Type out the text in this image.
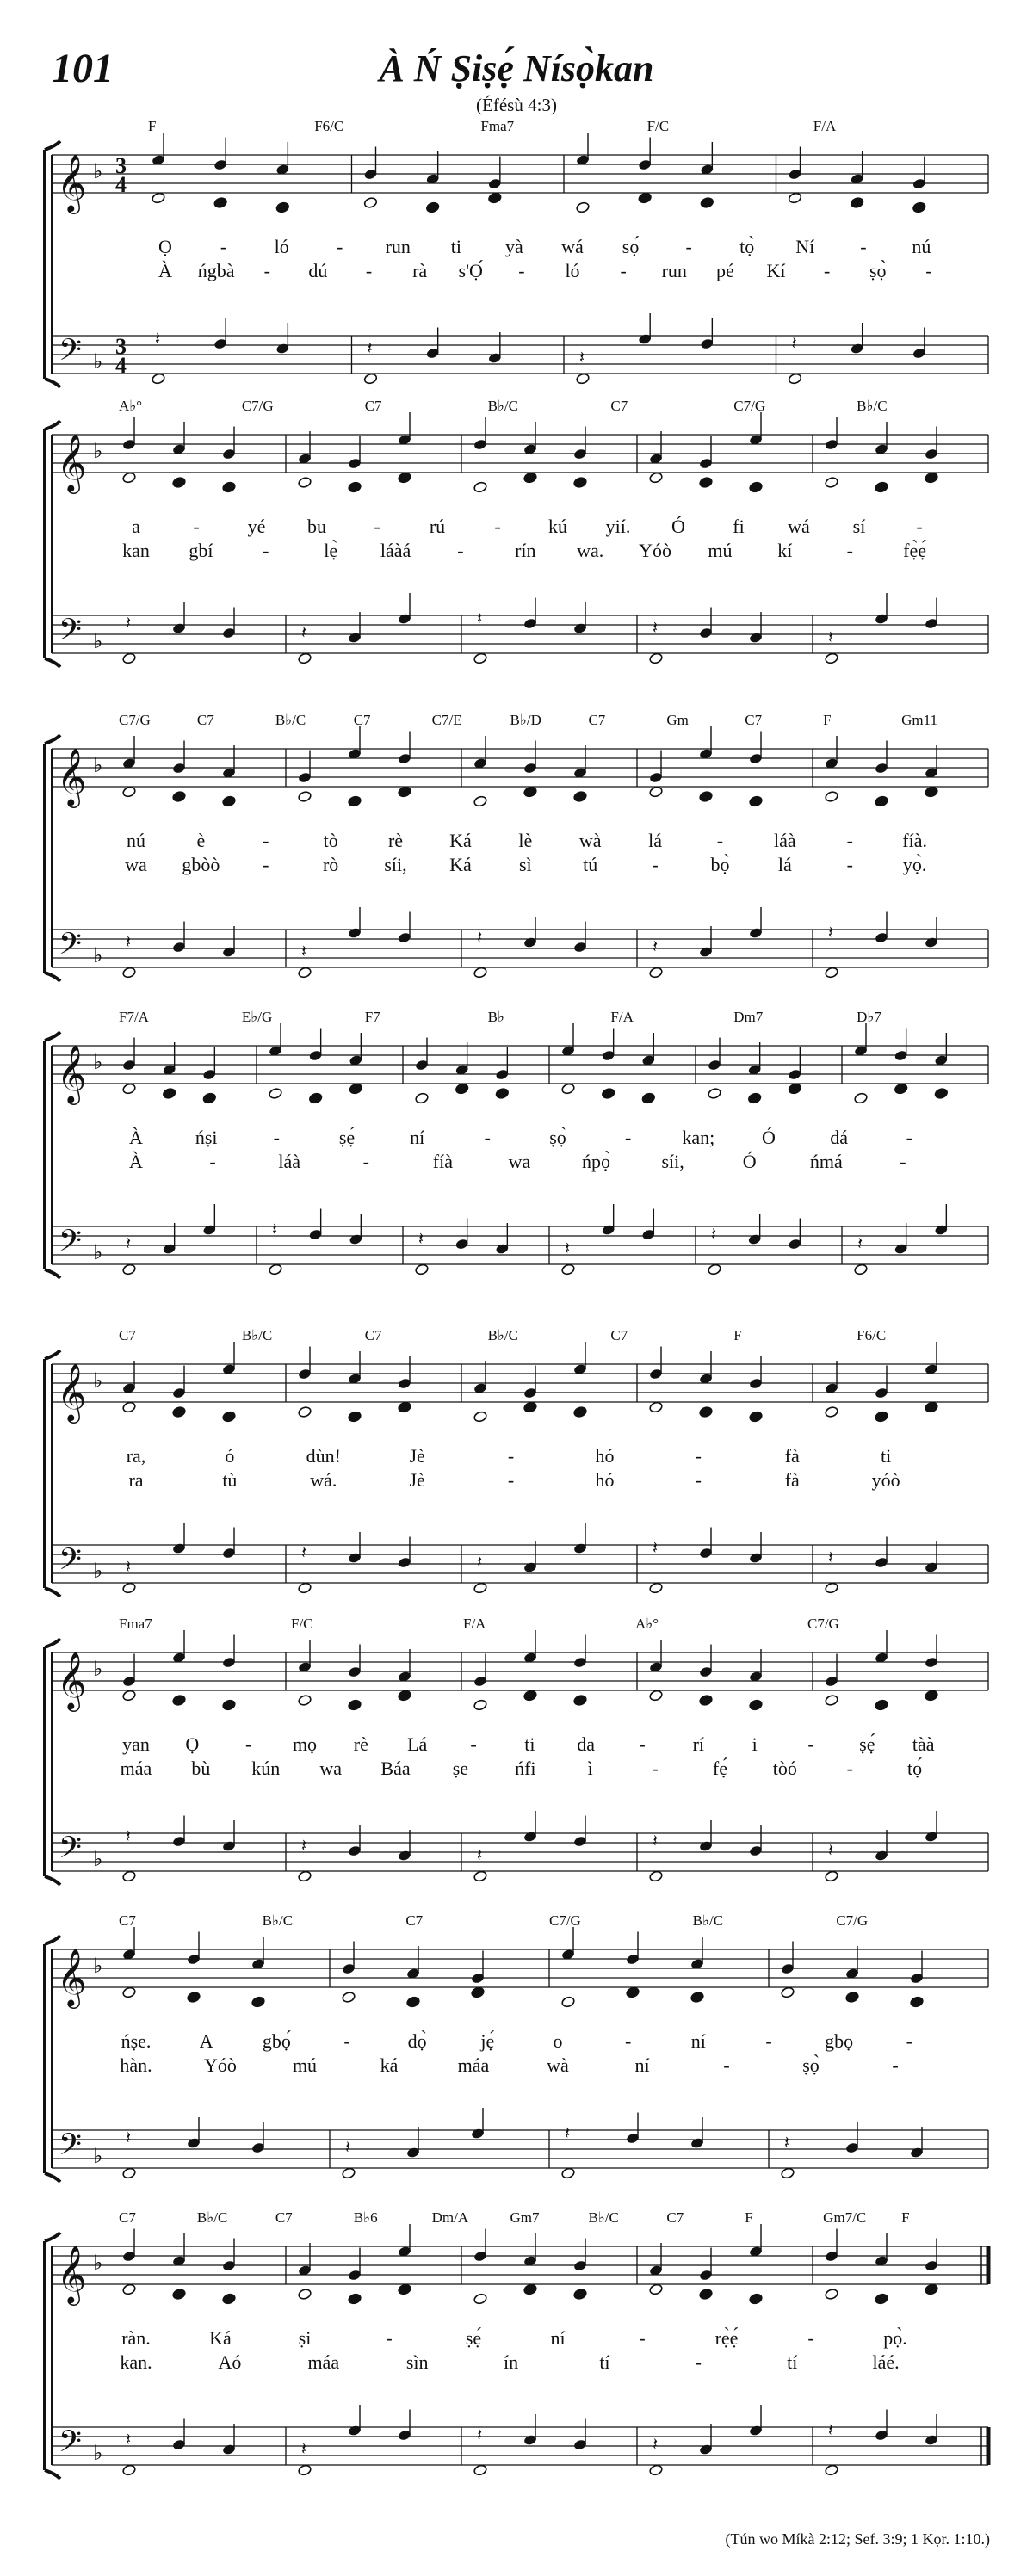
101	À Ń Ṣiṣẹ́ Nísọ̀kan
(Éfésù 4:3)
𝄞
𝄢
♭
♭
3
4
3
4
F	F6/C	Fma7	F/C	F/A
𝄽	𝄽	𝄽
𝄽
Ọ	-	ló	- run ti yà wá sọ́ -	tọ̀ Ní - nú
À ńgbà - dú - rà s'Ọ́ - ló - run pé Kí - ṣọ̀ -
𝄞
𝄢
♭
♭
A♭°	C7/G	C7	B♭/C	C7	C7/G	B♭/C
𝄽	𝄽
𝄽	𝄽	𝄽
a	-	yé bu	-	rú	-	kú yií. Ó	fi wá sí	-
kan gbí	-	lẹ̀ láàá -	rín wa. Yóò mú kí	-	fẹ̀ẹ́
𝄞
𝄢
♭
♭
C7/G	C7	B♭/C	C7	C7/E	B♭/D	C7	Gm	C7	F	Gm11
𝄽	𝄽
𝄽	𝄽
𝄽
nú	è	-	tò	rè Ká lè wà lá	-	láà	-	fíà.
wa gbòò -	rò síi, Ká	sì	tú	-	bọ̀	lá	-	yọ̀.
𝄞
𝄢
♭
♭
F7/A	E♭/G	F7	B♭	F/A	Dm7	D♭7
𝄽
𝄽	𝄽	𝄽
𝄽	𝄽
À	ńṣi	-	ṣẹ́	ní	-	ṣọ̀	-	kan; Ó	dá	-
À	-	láà	-	fíà	wa	ńpọ̀	síi,	Ó	ńmá	-
𝄞
𝄢
♭
♭
C7	B♭/C	C7	B♭/C	C7	F	F6/C
𝄽
𝄽	𝄽
𝄽	𝄽
ra,	ó	dùn!	Jè	-	hó	-	fà	ti
ra	tù	wá.	Jè	-	hó	-	fà	yóò
𝄞
𝄢
♭
♭
Fma7	F/C	F/A	A♭°	C7/G
𝄽	𝄽	𝄽
𝄽	𝄽
yan Ọ - mọ rè Lá -	ti da - rí	i	- ṣẹ́ tàà
máa bù kún wa Báa ṣe ńfi	ì	-	fẹ́ tòó	-	tọ́
𝄞
𝄢
♭
♭
C7	B♭/C	C7	C7/G	B♭/C	C7/G
𝄽	𝄽
𝄽	𝄽
ńṣe.	A	gbọ́	-	dọ̀	jẹ́	o	-	ní	-	gbọ	-
hàn.	Yóò	mú	ká	máa	wà	ní	-	ṣọ̀	-
𝄞
𝄢
♭
♭
C7	B♭/C	C7	B♭6	Dm/A	Gm7	B♭/C	C7	F	Gm7/C F
𝄽	𝄽
𝄽	𝄽
𝄽
ràn.	Ká	ṣi	-	ṣẹ́	ní	-	rẹ̀ẹ́	-	pọ̀.
kan.	Aó	máa	sìn	ín	tí	-	tí	láé.
(Tún wo Míkà 2:12; Sef. 3:9; 1 Kọr. 1:10.)
